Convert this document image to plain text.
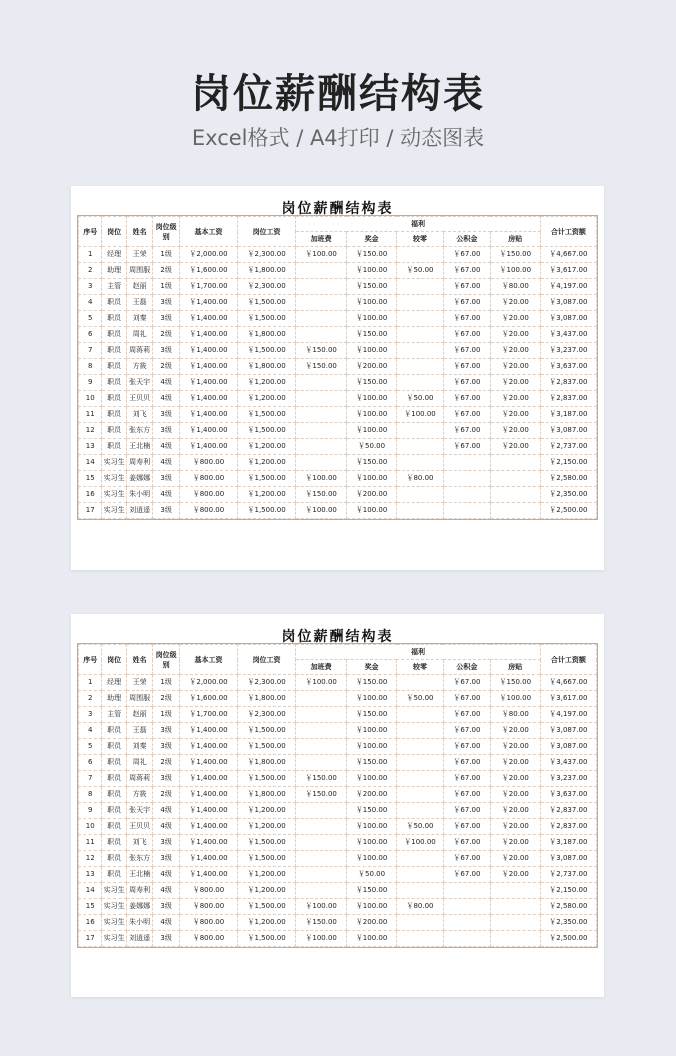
岗位薪酬结构表
Excel格式 / A4打印 / 动态图表
岗位薪酬结构表
序号	岗位	姓名	岗位级别	基本工资	岗位工资	福利					合计工资额
						加班费	奖金	较零	公积金	房贴	
1	经理	王荣	1级	￥2,000.00	￥2,300.00	￥100.00	￥150.00		￥67.00	￥150.00	￥4,667.00
2	助理	周围服	2级	￥1,600.00	￥1,800.00		￥100.00	￥50.00	￥67.00	￥100.00	￥3,617.00
3	主管	赵丽	1级	￥1,700.00	￥2,300.00		￥150.00		￥67.00	￥80.00	￥4,197.00
4	职员	王磊	3级	￥1,400.00	￥1,500.00		￥100.00		￥67.00	￥20.00	￥3,087.00
5	职员	刘秦	3级	￥1,400.00	￥1,500.00		￥100.00		￥67.00	￥20.00	￥3,087.00
6	职员	周礼	2级	￥1,400.00	￥1,800.00		￥150.00		￥67.00	￥20.00	￥3,437.00
7	职员	周蒋莉	3级	￥1,400.00	￥1,500.00	￥150.00	￥100.00		￥67.00	￥20.00	￥3,237.00
8	职员	方筱	2级	￥1,400.00	￥1,800.00	￥150.00	￥200.00		￥67.00	￥20.00	￥3,637.00
9	职员	张天宇	4级	￥1,400.00	￥1,200.00		￥150.00		￥67.00	￥20.00	￥2,837.00
10	职员	王贝贝	4级	￥1,400.00	￥1,200.00		￥100.00	￥50.00	￥67.00	￥20.00	￥2,837.00
11	职员	刘飞	3级	￥1,400.00	￥1,500.00		￥100.00	￥100.00	￥67.00	￥20.00	￥3,187.00
12	职员	张东方	3级	￥1,400.00	￥1,500.00		￥100.00		￥67.00	￥20.00	￥3,087.00
13	职员	王北楠	4级	￥1,400.00	￥1,200.00		￥50.00		￥67.00	￥20.00	￥2,737.00
14	实习生	周寿利	4级	￥800.00	￥1,200.00		￥150.00				￥2,150.00
15	实习生	姜娜娜	3级	￥800.00	￥1,500.00	￥100.00	￥100.00	￥80.00			￥2,580.00
16	实习生	朱小明	4级	￥800.00	￥1,200.00	￥150.00	￥200.00				￥2,350.00
17	实习生	刘逍遥	3级	￥800.00	￥1,500.00	￥100.00	￥100.00				￥2,500.00
岗位薪酬结构表
序号	岗位	姓名	岗位级别	基本工资	岗位工资	福利					合计工资额
						加班费	奖金	较零	公积金	房贴	
1	经理	王荣	1级	￥2,000.00	￥2,300.00	￥100.00	￥150.00		￥67.00	￥150.00	￥4,667.00
2	助理	周围服	2级	￥1,600.00	￥1,800.00		￥100.00	￥50.00	￥67.00	￥100.00	￥3,617.00
3	主管	赵丽	1级	￥1,700.00	￥2,300.00		￥150.00		￥67.00	￥80.00	￥4,197.00
4	职员	王磊	3级	￥1,400.00	￥1,500.00		￥100.00		￥67.00	￥20.00	￥3,087.00
5	职员	刘秦	3级	￥1,400.00	￥1,500.00		￥100.00		￥67.00	￥20.00	￥3,087.00
6	职员	周礼	2级	￥1,400.00	￥1,800.00		￥150.00		￥67.00	￥20.00	￥3,437.00
7	职员	周蒋莉	3级	￥1,400.00	￥1,500.00	￥150.00	￥100.00		￥67.00	￥20.00	￥3,237.00
8	职员	方筱	2级	￥1,400.00	￥1,800.00	￥150.00	￥200.00		￥67.00	￥20.00	￥3,637.00
9	职员	张天宇	4级	￥1,400.00	￥1,200.00		￥150.00		￥67.00	￥20.00	￥2,837.00
10	职员	王贝贝	4级	￥1,400.00	￥1,200.00		￥100.00	￥50.00	￥67.00	￥20.00	￥2,837.00
11	职员	刘飞	3级	￥1,400.00	￥1,500.00		￥100.00	￥100.00	￥67.00	￥20.00	￥3,187.00
12	职员	张东方	3级	￥1,400.00	￥1,500.00		￥100.00		￥67.00	￥20.00	￥3,087.00
13	职员	王北楠	4级	￥1,400.00	￥1,200.00		￥50.00		￥67.00	￥20.00	￥2,737.00
14	实习生	周寿利	4级	￥800.00	￥1,200.00		￥150.00				￥2,150.00
15	实习生	姜娜娜	3级	￥800.00	￥1,500.00	￥100.00	￥100.00	￥80.00			￥2,580.00
16	实习生	朱小明	4级	￥800.00	￥1,200.00	￥150.00	￥200.00				￥2,350.00
17	实习生	刘逍遥	3级	￥800.00	￥1,500.00	￥100.00	￥100.00				￥2,500.00
